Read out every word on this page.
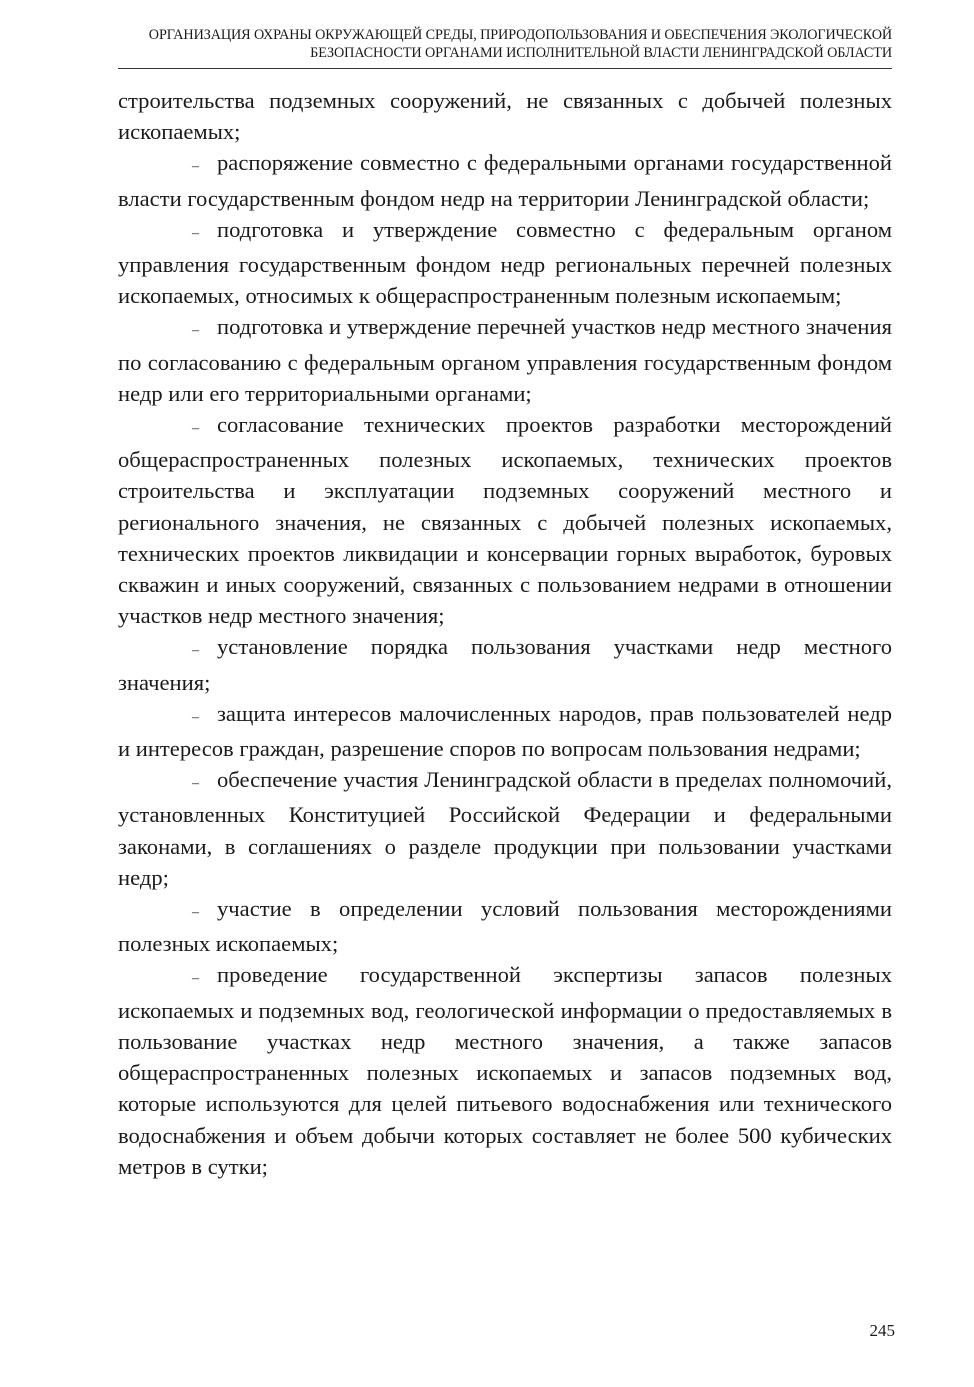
ОРГАНИЗАЦИЯ ОХРАНЫ ОКРУЖАЮЩЕЙ СРЕДЫ, ПРИРОДОПОЛЬЗОВАНИЯ И ОБЕСПЕЧЕНИЯ ЭКОЛОГИЧЕСКОЙ
БЕЗОПАСНОСТИ ОРГАНАМИ ИСПОЛНИТЕЛЬНОЙ ВЛАСТИ ЛЕНИНГРАДСКОЙ ОБЛАСТИ

строительства подземных сооружений, не связанных с добычей полезных ископаемых;

– распоряжение совместно с федеральными органами государственной власти государственным фондом недр на территории Ленинградской области;

– подготовка и утверждение совместно с федеральным органом управления государственным фондом недр региональных перечней полезных ископаемых, относимых к общераспространенным полезным ископаемым;

– подготовка и утверждение перечней участков недр местного значения по согласованию с федеральным органом управления государственным фондом недр или его территориальными органами;

– согласование технических проектов разработки месторождений общераспространенных полезных ископаемых, технических проектов строительства и эксплуатации подземных сооружений местного и регионального значения, не связанных с добычей полезных ископаемых, технических проектов ликвидации и консервации горных выработок, буровых скважин и иных сооружений, связанных с пользованием недрами в отношении участков недр местного значения;

– установление порядка пользования участками недр местного значения;

– защита интересов малочисленных народов, прав пользователей недр и интересов граждан, разрешение споров по вопросам пользования недрами;

– обеспечение участия Ленинградской области в пределах полномочий, установленных Конституцией Российской Федерации и федеральными законами, в соглашениях о разделе продукции при пользовании участками недр;

– участие в определении условий пользования месторождениями полезных ископаемых;

– проведение государственной экспертизы запасов полезных ископаемых и подземных вод, геологической информации о предоставляемых в пользование участках недр местного значения, а также запасов общераспространенных полезных ископаемых и запасов подземных вод, которые используются для целей питьевого водоснабжения или технического водоснабжения и объем добычи которых составляет не более 500 кубических метров в сутки;

245
